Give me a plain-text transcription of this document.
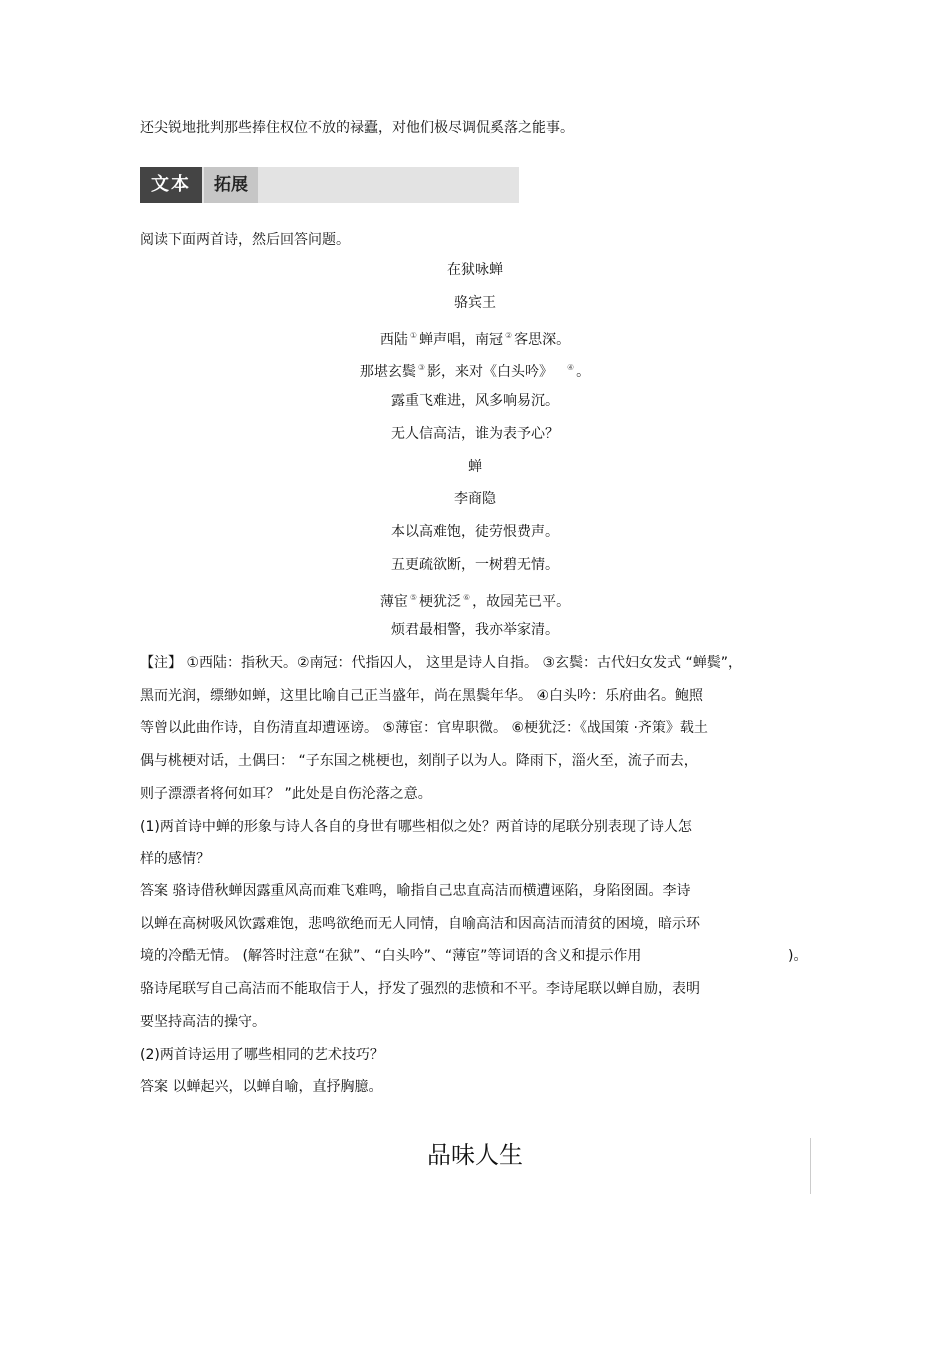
还尖锐地批判那些捧住权位不放的禄蠹，对他们极尽调侃奚落之能事。
文本	拓展
阅读下面两首诗，然后回答问题。
在狱咏蝉
骆宾王
西陆 ① 蝉声唱，南冠 ② 客思深。
那堪玄鬓 ③ 影，来对《白头吟》 ④ 。
露重飞难进，风多响易沉。
无人信高洁，谁为表予心？
蝉
李商隐
本以高难饱，徒劳恨费声。
五更疏欲断，一树碧无情。
薄宦 ⑤ 梗犹泛 ⑥ ，故园芜已平。
烦君最相警，我亦举家清。
【注】 ①西陆：指秋天。②南冠：代指囚人， 这里是诗人自指。 ③玄鬓：古代妇女发式 “蝉鬓”，
黑而光润，缥缈如蝉，这里比喻自己正当盛年，尚在黑鬓年华。 ④白头吟：乐府曲名。鲍照
等曾以此曲作诗，自伤清直却遭诬谤。 ⑤薄宦：官卑职微。 ⑥梗犹泛：《战国策 ·齐策》载土
偶与桃梗对话，土偶曰： “子东国之桃梗也，刻削子以为人。降雨下，淄火至，流子而去，
则子漂漂者将何如耳？ ”此处是自伤沦落之意。
(1)两首诗中蝉的形象与诗人各自的身世有哪些相似之处？两首诗的尾联分别表现了诗人怎
样的感情？
答案 骆诗借秋蝉因露重风高而难飞难鸣，喻指自己忠直高洁而横遭诬陷，身陷囹圄。李诗
以蝉在高树吸风饮露难饱，悲鸣欲绝而无人同情，自喻高洁和因高洁而清贫的困境，暗示环
境的冷酷无情。 (解答时注意“在狱”、“白头吟”、“薄宦”等词语的含义和提示作用	)。
骆诗尾联写自己高洁而不能取信于人，抒发了强烈的悲愤和不平。李诗尾联以蝉自励，表明
要坚持高洁的操守。
(2)两首诗运用了哪些相同的艺术技巧？
答案 以蝉起兴，以蝉自喻，直抒胸臆。
品味人生
